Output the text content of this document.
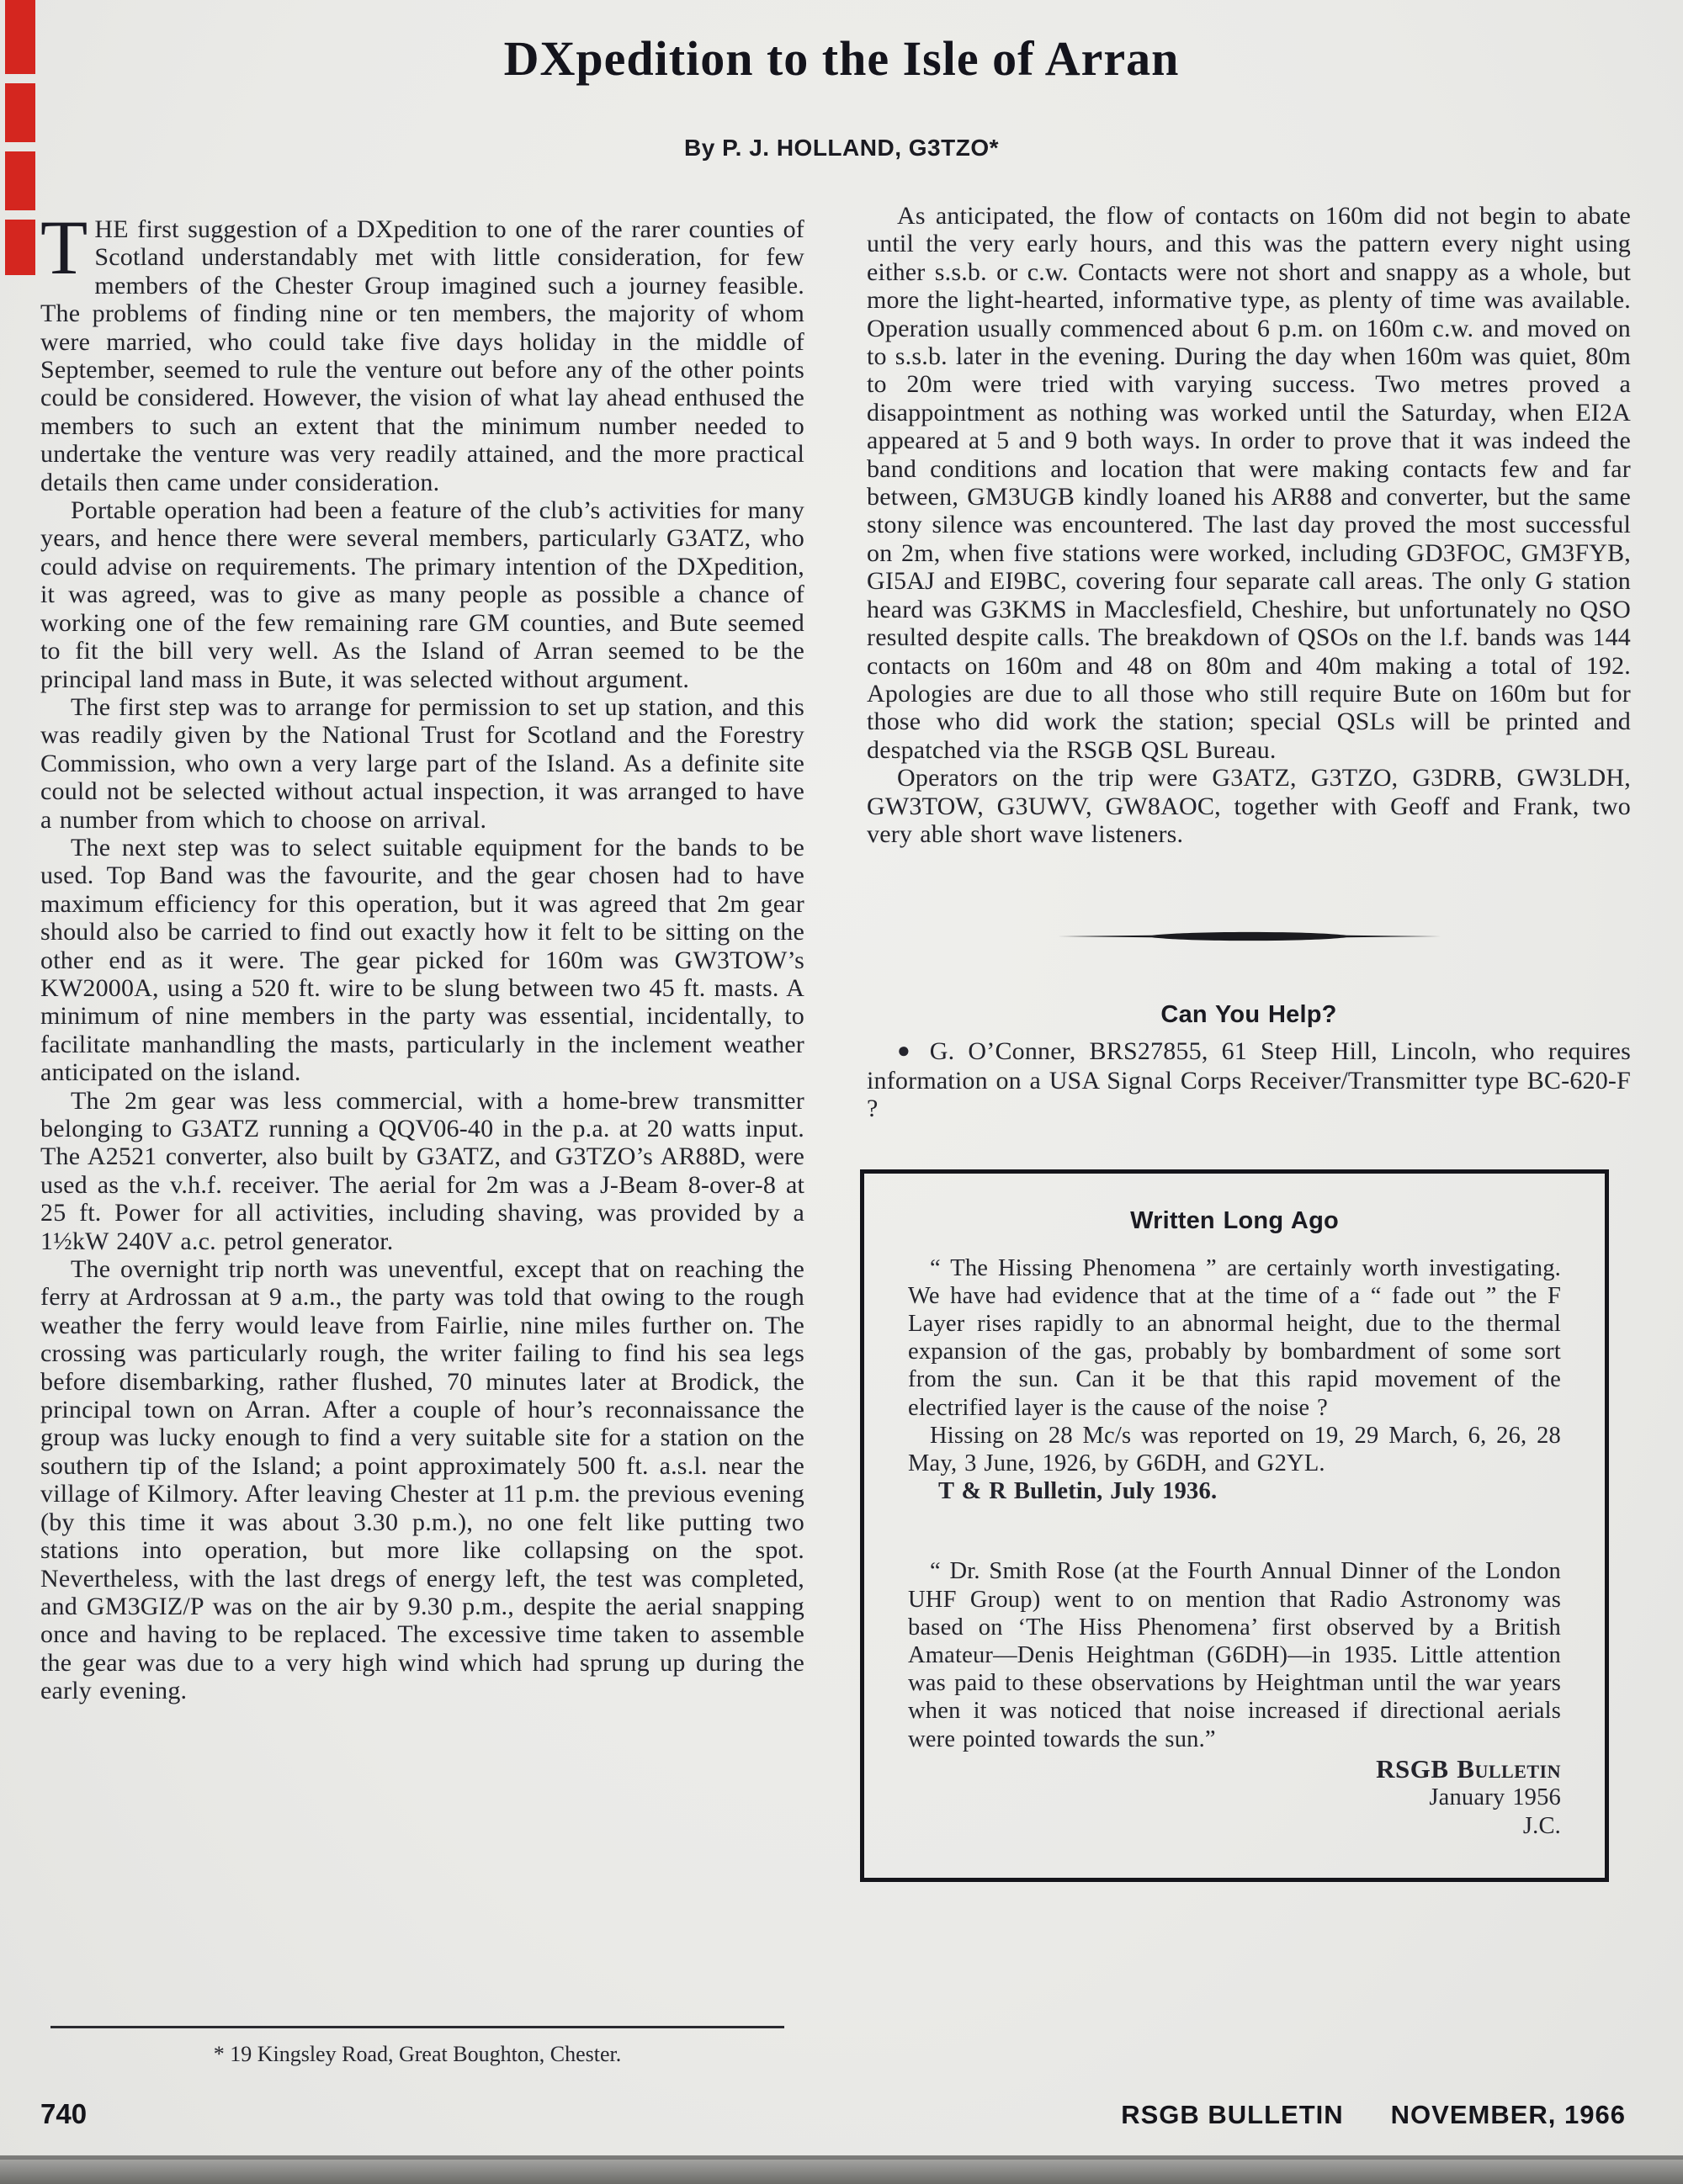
DXpedition to the Isle of Arran
By P. J. HOLLAND, G3TZO*

THE first suggestion of a DXpedition to one of the rarer counties of Scotland understandably met with little consideration, for few members of the Chester Group imagined such a journey feasible. The problems of finding nine or ten members, the majority of whom were married, who could take five days holiday in the middle of September, seemed to rule the venture out before any of the other points could be considered. However, the vision of what lay ahead enthused the members to such an extent that the minimum number needed to undertake the venture was very readily attained, and the more practical details then came under consideration.

Portable operation had been a feature of the club’s activities for many years, and hence there were several members, particularly G3ATZ, who could advise on requirements. The primary intention of the DXpedition, it was agreed, was to give as many people as possible a chance of working one of the few remaining rare GM counties, and Bute seemed to fit the bill very well. As the Island of Arran seemed to be the principal land mass in Bute, it was selected without argument.

The first step was to arrange for permission to set up station, and this was readily given by the National Trust for Scotland and the Forestry Commission, who own a very large part of the Island. As a definite site could not be selected without actual inspection, it was arranged to have a number from which to choose on arrival.

The next step was to select suitable equipment for the bands to be used. Top Band was the favourite, and the gear chosen had to have maximum efficiency for this operation, but it was agreed that 2m gear should also be carried to find out exactly how it felt to be sitting on the other end as it were. The gear picked for 160m was GW3TOW’s KW2000A, using a 520 ft. wire to be slung between two 45 ft. masts. A minimum of nine members in the party was essential, incidentally, to facilitate manhandling the masts, particularly in the inclement weather anticipated on the island.

The 2m gear was less commercial, with a home-brew transmitter belonging to G3ATZ running a QQV06-40 in the p.a. at 20 watts input. The A2521 converter, also built by G3ATZ, and G3TZO’s AR88D, were used as the v.h.f. receiver. The aerial for 2m was a J-Beam 8-over-8 at 25 ft. Power for all activities, including shaving, was provided by a 1½kW 240V a.c. petrol generator.

The overnight trip north was uneventful, except that on reaching the ferry at Ardrossan at 9 a.m., the party was told that owing to the rough weather the ferry would leave from Fairlie, nine miles further on. The crossing was particularly rough, the writer failing to find his sea legs before disembarking, rather flushed, 70 minutes later at Brodick, the principal town on Arran. After a couple of hour’s reconnaissance the group was lucky enough to find a very suitable site for a station on the southern tip of the Island; a point approximately 500 ft. a.s.l. near the village of Kilmory. After leaving Chester at 11 p.m. the previous evening (by this time it was about 3.30 p.m.), no one felt like putting two stations into operation, but more like collapsing on the spot. Nevertheless, with the last dregs of energy left, the test was completed, and GM3GIZ/P was on the air by 9.30 p.m., despite the aerial snapping once and having to be replaced. The excessive time taken to assemble the gear was due to a very high wind which had sprung up during the early evening.

As anticipated, the flow of contacts on 160m did not begin to abate until the very early hours, and this was the pattern every night using either s.s.b. or c.w. Contacts were not short and snappy as a whole, but more the light-hearted, informative type, as plenty of time was available. Operation usually commenced about 6 p.m. on 160m c.w. and moved on to s.s.b. later in the evening. During the day when 160m was quiet, 80m to 20m were tried with varying success. Two metres proved a disappointment as nothing was worked until the Saturday, when EI2A appeared at 5 and 9 both ways. In order to prove that it was indeed the band conditions and location that were making contacts few and far between, GM3UGB kindly loaned his AR88 and converter, but the same stony silence was encountered. The last day proved the most successful on 2m, when five stations were worked, including GD3FOC, GM3FYB, GI5AJ and EI9BC, covering four separate call areas. The only G station heard was G3KMS in Macclesfield, Cheshire, but unfortunately no QSO resulted despite calls. The breakdown of QSOs on the l.f. bands was 144 contacts on 160m and 48 on 80m and 40m making a total of 192. Apologies are due to all those who still require Bute on 160m but for those who did work the station; special QSLs will be printed and despatched via the RSGB QSL Bureau.

Operators on the trip were G3ATZ, G3TZO, G3DRB, GW3LDH, GW3TOW, G3UWV, GW8AOC, together with Geoff and Frank, two very able short wave listeners.

Can You Help?

● G. O’Conner, BRS27855, 61 Steep Hill, Lincoln, who requires information on a USA Signal Corps Receiver/Transmitter type BC-620-F ?

Written Long Ago

“ The Hissing Phenomena ” are certainly worth investigating. We have had evidence that at the time of a “ fade out ” the F Layer rises rapidly to an abnormal height, due to the thermal expansion of the gas, probably by bombardment of some sort from the sun. Can it be that this rapid movement of the electrified layer is the cause of the noise ?

Hissing on 28 Mc/s was reported on 19, 29 March, 6, 26, 28 May, 3 June, 1926, by G6DH, and G2YL.

T & R Bulletin, July 1936.

“ Dr. Smith Rose (at the Fourth Annual Dinner of the London UHF Group) went to on mention that Radio Astronomy was based on ‘The Hiss Phenomena’ first observed by a British Amateur—Denis Heightman (G6DH)—in 1935. Little attention was paid to these observations by Heightman until the war years when it was noticed that noise increased if directional aerials were pointed towards the sun.”

RSGB Bulletin
January 1956
J.C.
* 19 Kingsley Road, Great Boughton, Chester.
740	RSGB BULLETIN NOVEMBER, 1966
